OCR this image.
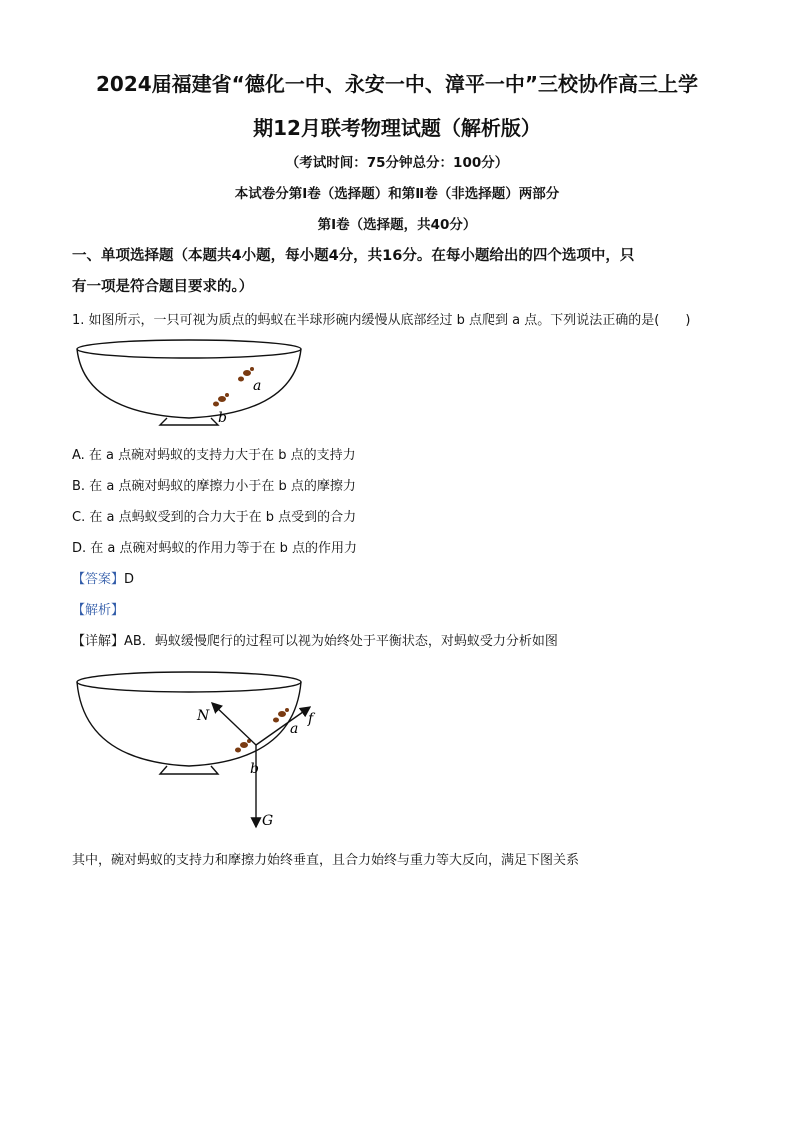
2024届福建省“德化一中、永安一中、漳平一中”三校协作高三上学
期12月联考物理试题（解析版）
（考试时间：75分钟总分：100分）
本试卷分第Ⅰ卷（选择题）和第Ⅱ卷（非选择题）两部分
第Ⅰ卷（选择题，共40分）
一、单项选择题（本题共4小题，每小题4分，共16分。在每小题给出的四个选项中，只
有一项是符合题目要求的。）
1. 如图所示，一只可视为质点的蚂蚁在半球形碗内缓慢从底部经过 b 点爬到 a 点。下列说法正确的是(　　)
a
b
A. 在 a 点碗对蚂蚁的支持力大于在 b 点的支持力
B. 在 a 点碗对蚂蚁的摩擦力小于在 b 点的摩擦力
C. 在 a 点蚂蚁受到的合力大于在 b 点受到的合力
D. 在 a 点碗对蚂蚁的作用力等于在 b 点的作用力
【答案】D
【解析】
【详解】AB．蚂蚁缓慢爬行的过程可以视为始终处于平衡状态，对蚂蚁受力分析如图
N	f
a
b
G
其中，碗对蚂蚁的支持力和摩擦力始终垂直，且合力始终与重力等大反向，满足下图关系
